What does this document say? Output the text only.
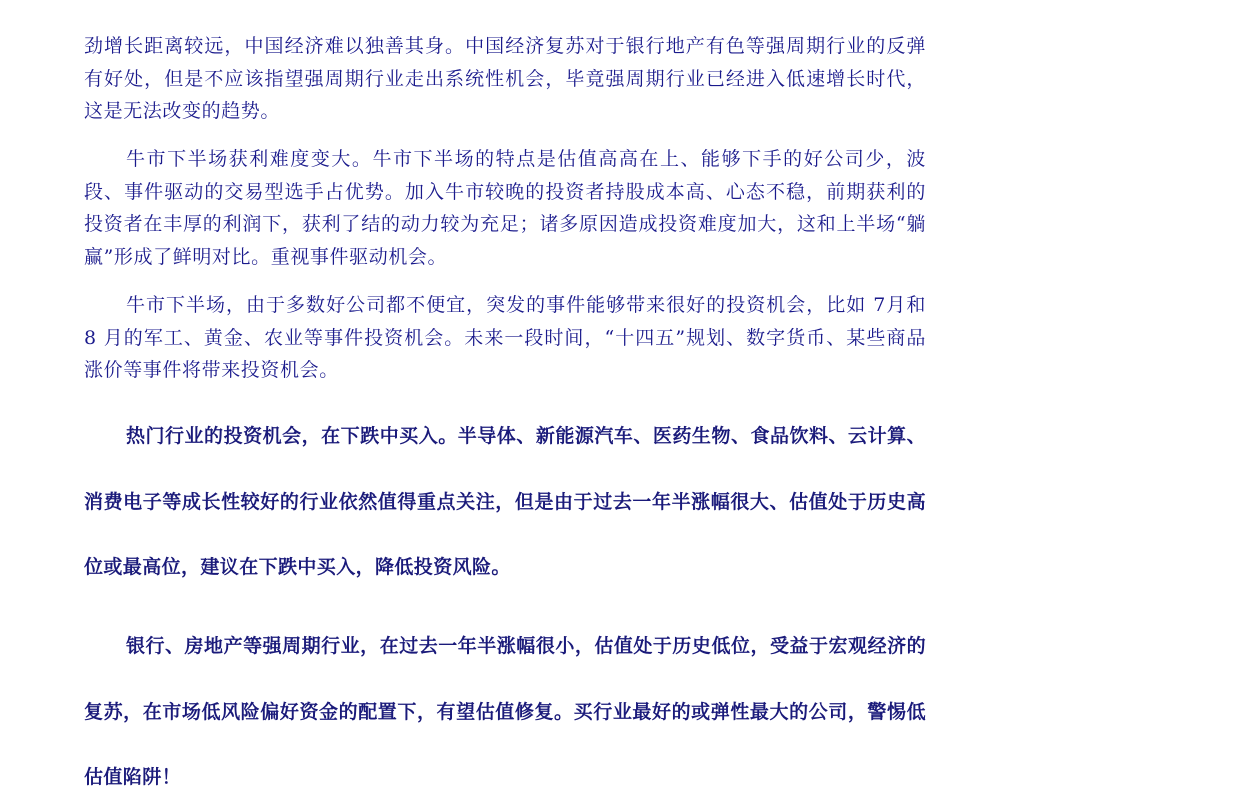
劲增长距离较远，中国经济难以独善其身。中国经济复苏对于银行地产有色等强周期行业的反弹有好处，但是不应该指望强周期行业走出系统性机会，毕竟强周期行业已经进入低速增长时代，这是无法改变的趋势。

牛市下半场获利难度变大。牛市下半场的特点是估值高高在上、能够下手的好公司少，波段、事件驱动的交易型选手占优势。加入牛市较晚的投资者持股成本高、心态不稳，前期获利的投资者在丰厚的利润下，获利了结的动力较为充足；诸多原因造成投资难度加大，这和上半场“躺赢”形成了鲜明对比。重视事件驱动机会。

牛市下半场，由于多数好公司都不便宜，突发的事件能够带来很好的投资机会，比如 7月和 8 月的军工、黄金、农业等事件投资机会。未来一段时间，“十四五”规划、数字货币、某些商品涨价等事件将带来投资机会。

热门行业的投资机会，在下跌中买入。半导体、新能源汽车、医药生物、食品饮料、云计算、消费电子等成长性较好的行业依然值得重点关注，但是由于过去一年半涨幅很大、估值处于历史高位或最高位，建议在下跌中买入，降低投资风险。

银行、房地产等强周期行业，在过去一年半涨幅很小，估值处于历史低位，受益于宏观经济的复苏，在市场低风险偏好资金的配置下，有望估值修复。买行业最好的或弹性最大的公司，警惕低估值陷阱！
